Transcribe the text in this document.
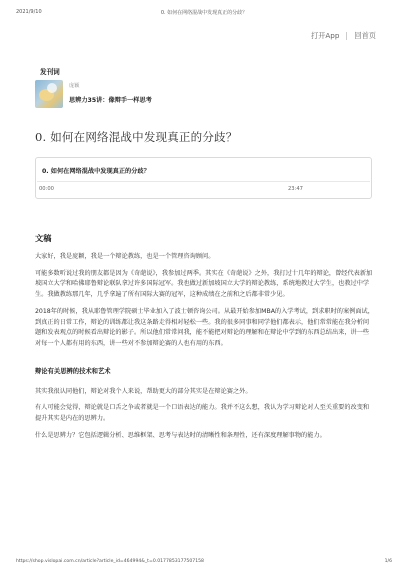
2021/9/10	0. 如何在网络混战中发现真正的分歧？
打开App 回首页
发刊词
庞颖
思辨力35讲：像辩手一样思考
0. 如何在网络混战中发现真正的分歧？
0. 如何在网络混战中发现真正的分歧？
00:00	23:47
文稿

大家好，我是庞颖，我是一个辩论教练，也是一个管理咨询顾问。

可能多数听说过我的朋友都是因为《奇葩说》，我参加过两季。其实在《奇葩说》之外，我打过十几年的辩论，曾经代表新加坡国立大学和哈佛耶鲁辩论联队拿过许多国际冠军。我也做过新加坡国立大学的辩论教练，系统地教过大学生，也教过中学生。我做教练那几年，几乎拿遍了所有国际大赛的冠军，这种成绩在之前和之后都非常少见。

2018年的时候，我从耶鲁管理学院硕士毕业加入了波士顿咨询公司。从最开始参加MBA的入学考试，到求职时的案例面试，到真正的日常工作，辩论的训练都让我这条路走得相对轻松一些。我的很多同事和同学他们都表示，他们常常能在我分析问题和发表观点的时候看出辩论的影子。所以他们常常问我，能不能把对辩论的理解和在辩论中学到的东西总结出来，讲一些对每一个人都有用的东西，讲一些对不参加辩论赛的人也有用的东西。

辩论有关思辨的技术和艺术

其实我很认同他们，辩论对我个人来说，帮助更大的部分其实是在辩论赛之外。

有人可能会觉得，辩论就是口舌之争或者就是一个口语表达的能力。我并不这么想，我认为学习辩论对人至关重要的改变和提升其实是内在的思辨力。

什么是思辨力？它包括逻辑分析、思维框架、思考与表达时的清晰性和条理性，还有深度理解事物的能力。

https://shop.vislopai.com.cn/article?article_id=464994&_t=0.0177853177507158	1/6
